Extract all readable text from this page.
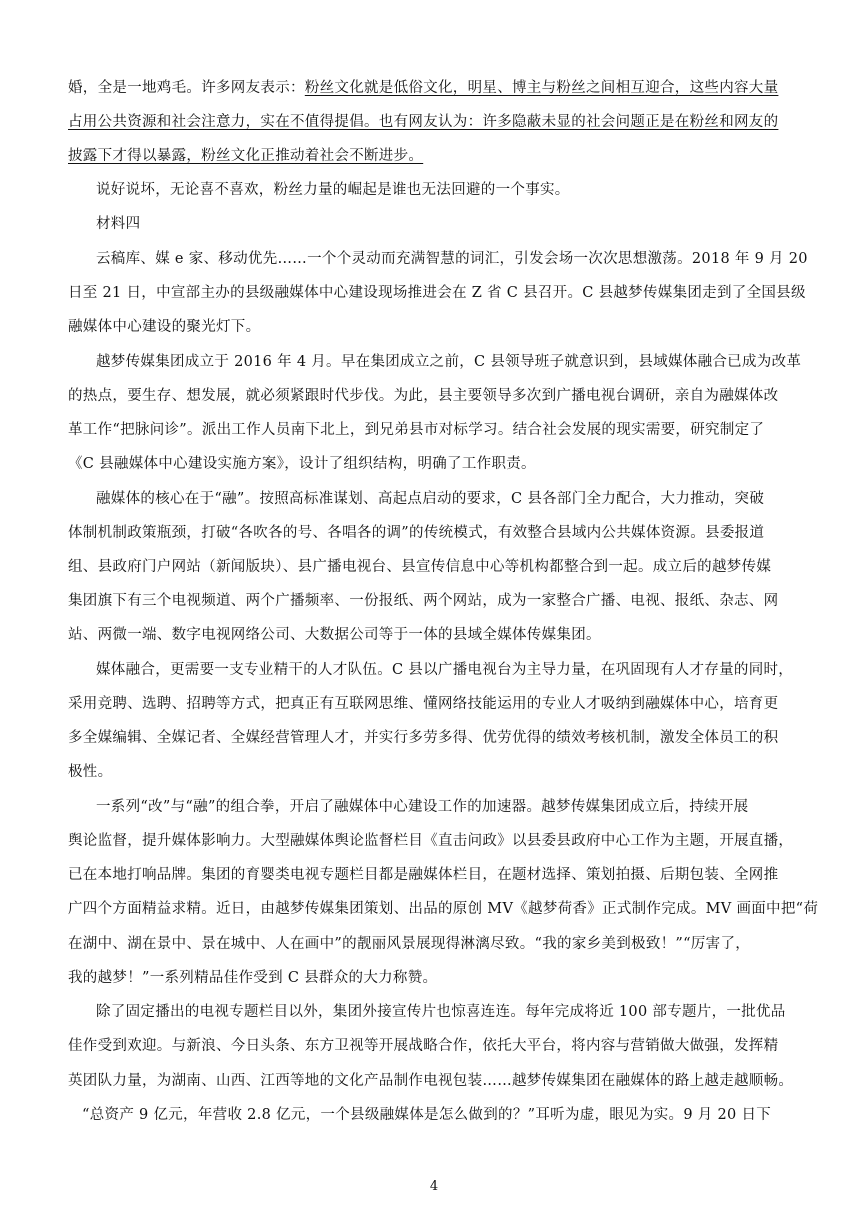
婚，全是一地鸡毛。许多网友表示：粉丝文化就是低俗文化，明星、博主与粉丝之间相互迎合，这些内容大量
占用公共资源和社会注意力，实在不值得提倡。也有网友认为：许多隐蔽未显的社会问题正是在粉丝和网友的
披露下才得以暴露，粉丝文化正推动着社会不断进步。
说好说坏，无论喜不喜欢，粉丝力量的崛起是谁也无法回避的一个事实。
材料四
云稿库、媒 e 家、移动优先……一个个灵动而充满智慧的词汇，引发会场一次次思想激荡。2018 年 9 月 20
日至 21 日，中宣部主办的县级融媒体中心建设现场推进会在 Z 省 C 县召开。C 县越梦传媒集团走到了全国县级
融媒体中心建设的聚光灯下。
越梦传媒集团成立于 2016 年 4 月。早在集团成立之前，C 县领导班子就意识到，县域媒体融合已成为改革
的热点，要生存、想发展，就必须紧跟时代步伐。为此，县主要领导多次到广播电视台调研，亲自为融媒体改
革工作“把脉问诊”。派出工作人员南下北上，到兄弟县市对标学习。结合社会发展的现实需要，研究制定了
《C 县融媒体中心建设实施方案》，设计了组织结构，明确了工作职责。
融媒体的核心在于“融”。按照高标准谋划、高起点启动的要求，C 县各部门全力配合，大力推动，突破
体制机制政策瓶颈，打破“各吹各的号、各唱各的调”的传统模式，有效整合县域内公共媒体资源。县委报道
组、县政府门户网站（新闻版块）、县广播电视台、县宣传信息中心等机构都整合到一起。成立后的越梦传媒
集团旗下有三个电视频道、两个广播频率、一份报纸、两个网站，成为一家整合广播、电视、报纸、杂志、网
站、两微一端、数字电视网络公司、大数据公司等于一体的县域全媒体传媒集团。
媒体融合，更需要一支专业精干的人才队伍。C 县以广播电视台为主导力量，在巩固现有人才存量的同时，
采用竞聘、选聘、招聘等方式，把真正有互联网思维、懂网络技能运用的专业人才吸纳到融媒体中心，培育更
多全媒编辑、全媒记者、全媒经营管理人才，并实行多劳多得、优劳优得的绩效考核机制，激发全体员工的积
极性。
一系列“改”与“融”的组合拳，开启了融媒体中心建设工作的加速器。越梦传媒集团成立后，持续开展
舆论监督，提升媒体影响力。大型融媒体舆论监督栏目《直击问政》以县委县政府中心工作为主题，开展直播，
已在本地打响品牌。集团的育婴类电视专题栏目都是融媒体栏目，在题材选择、策划拍摄、后期包装、全网推
广四个方面精益求精。近日，由越梦传媒集团策划、出品的原创 MV《越梦荷香》正式制作完成。MV 画面中把“荷
在湖中、湖在景中、景在城中、人在画中”的靓丽风景展现得淋漓尽致。“我的家乡美到极致！”“厉害了，
我的越梦！”一系列精品佳作受到 C 县群众的大力称赞。
除了固定播出的电视专题栏目以外，集团外接宣传片也惊喜连连。每年完成将近 100 部专题片，一批优品
佳作受到欢迎。与新浪、今日头条、东方卫视等开展战略合作，依托大平台，将内容与营销做大做强，发挥精
英团队力量，为湖南、山西、江西等地的文化产品制作电视包装……越梦传媒集团在融媒体的路上越走越顺畅。
“总资产 9 亿元，年营收 2.8 亿元，一个县级融媒体是怎么做到的？”耳听为虚，眼见为实。9 月 20 日下
4
